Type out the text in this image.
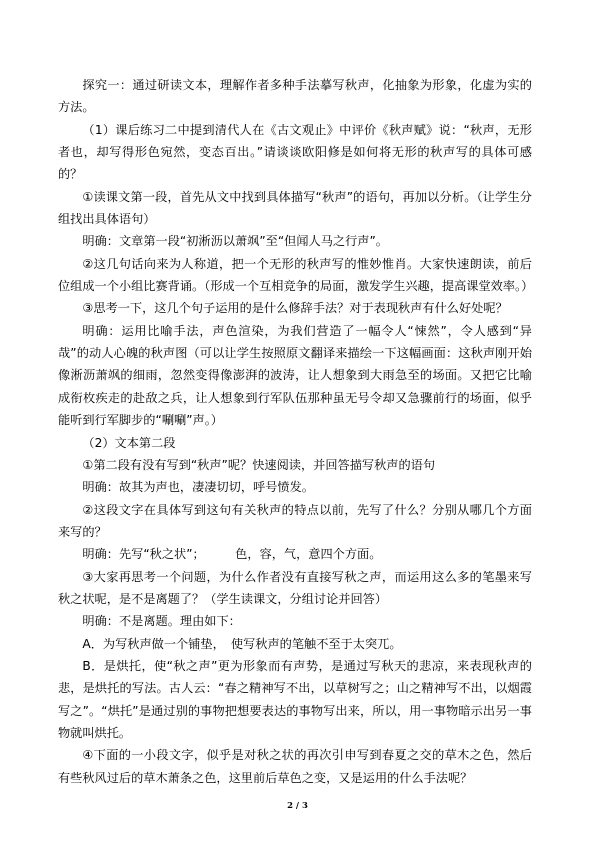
探究一：通过研读文本，理解作者多种手法摹写秋声，化抽象为形象，化虚为实的方法。

（1）课后练习二中提到清代人在《古文观止》中评价《秋声赋》说：“秋声，无形者也，却写得形色宛然，变态百出。”请谈谈欧阳修是如何将无形的秋声写的具体可感的？

①读课文第一段，首先从文中找到具体描写“秋声”的语句，再加以分析。（让学生分组找出具体语句）

明确：文章第一段“初淅沥以萧飒”至“但闻人马之行声”。

②这几句话向来为人称道，把一个无形的秋声写的惟妙惟肖。大家快速朗读，前后位组成一个小组比赛背诵。（形成一个互相竞争的局面，激发学生兴趣，提高课堂效率。）

③思考一下，这几个句子运用的是什么修辞手法？对于表现秋声有什么好处呢？

明确：运用比喻手法，声色渲染，为我们营造了一幅令人“悚然”，令人感到“异哉”的动人心魄的秋声图（可以让学生按照原文翻译来描绘一下这幅画面：这秋声刚开始像淅沥萧飒的细雨，忽然变得像澎湃的波涛，让人想象到大雨急至的场面。又把它比喻成衔枚疾走的赴敌之兵，让人想象到行军队伍那种虽无号令却又急骤前行的场面，似乎能听到行军脚步的“唰唰”声。）

（2）文本第二段

①第二段有没有写到“秋声”呢？快速阅读，并回答描写秋声的语句

明确：故其为声也，凄凄切切，呼号愤发。

②这段文字在具体写到这句有关秋声的特点以前，先写了什么？分别从哪几个方面来写的？

明确：先写“秋之状”；　　　色，容，气，意四个方面。

③大家再思考一个问题，为什么作者没有直接写秋之声，而运用这么多的笔墨来写秋之状呢，是不是离题了？（学生读课文，分组讨论并回答）

明确：不是离题。理由如下：

A．为写秋声做一个铺垫，　使写秋声的笔触不至于太突兀。

B．是烘托，使“秋之声”更为形象而有声势，是通过写秋天的悲凉，来表现秋声的悲，是烘托的写法。古人云：“春之精神写不出，以草树写之；山之精神写不出，以烟霞写之”。“烘托”是通过别的事物把想要表达的事物写出来，所以，用一事物暗示出另一事物就叫烘托。

④下面的一小段文字，似乎是对秋之状的再次引申写到春夏之交的草木之色，然后有些秋风过后的草木萧条之色，这里前后草色之变，又是运用的什么手法呢？

2 / 3
